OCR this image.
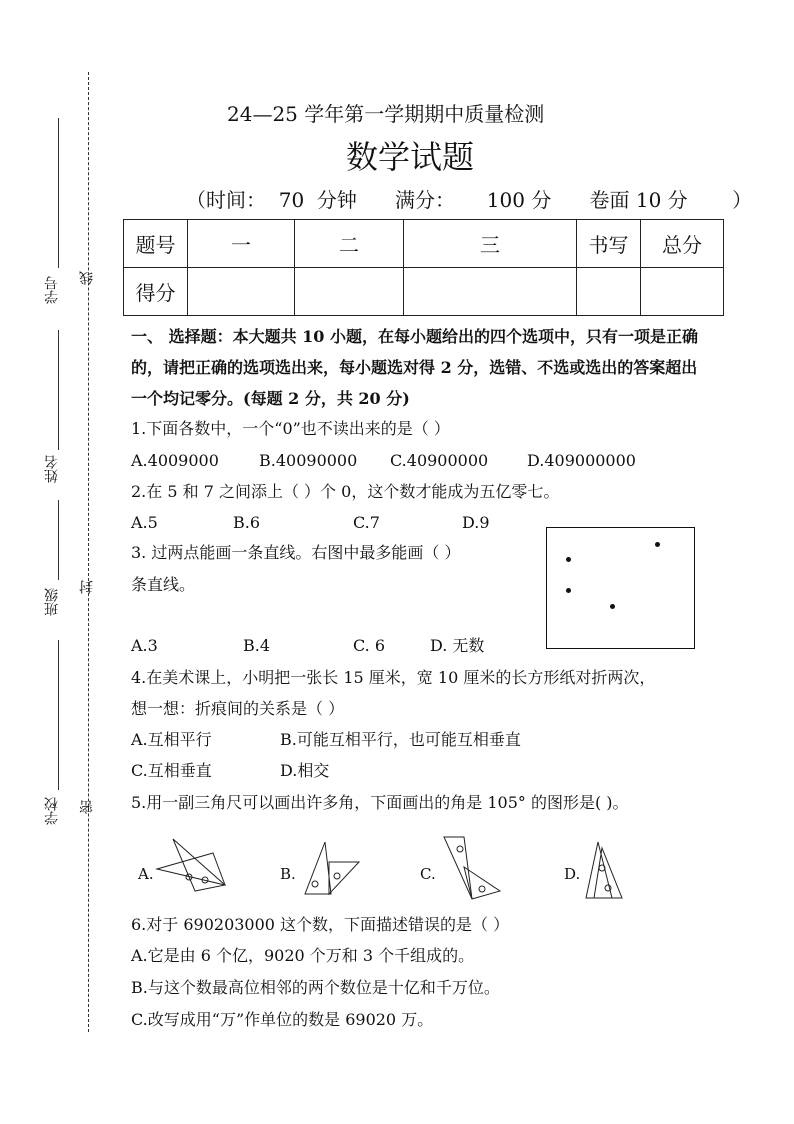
学号
姓名
班级
学校
线
封
密
24—25 学年第一学期期中质量检测
数学试题
（时间：  70  分钟      满分：     100 分      卷面 10 分       ）
题号	一	二	三	书写	总分
得分					
一、 选择题：本大题共 10 小题，在每小题给出的四个选项中，只有一项是正确
的，请把正确的选项选出来，每小题选对得 2 分，选错、不选或选出的答案超出
一个均记零分。(每题 2 分，共 20 分)
1.下面各数中，一个“0”也不读出来的是（ ）
A.4009000	B.40090000 C.40900000 D.409000000
2.在 5 和 7 之间添上（ ）个 0，这个数才能成为五亿零七。
A.5	B.6	C.7	D.9
3. 过两点能画一条直线。右图中最多能画（ ）
条直线。
A.3	B.4	C. 6	D. 无数
4.在美术课上，小明把一张长 15 厘米，宽 10 厘米的长方形纸对折两次，
想一想：折痕间的关系是（ ）
A.互相平行	B.可能互相平行，也可能互相垂直
C.互相垂直	D.相交
5.用一副三角尺可以画出许多角，下面画出的角是 105° 的图形是( )。
A.	B.	C.	D.
6.对于 690203000 这个数，下面描述错误的是（ ）
A.它是由 6 个亿，9020 个万和 3 个千组成的。
B.与这个数最高位相邻的两个数位是十亿和千万位。
C.改写成用“万”作单位的数是 69020 万。
